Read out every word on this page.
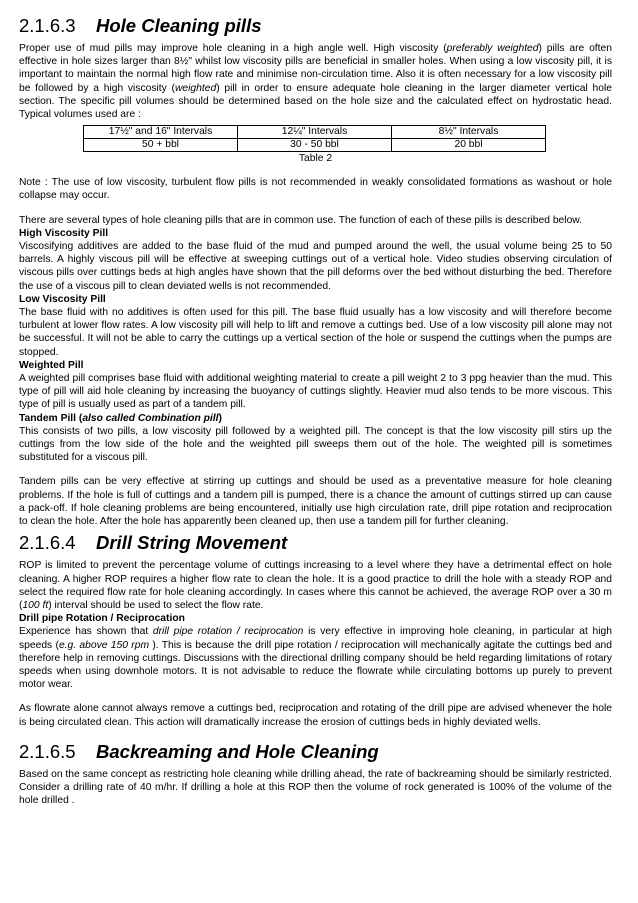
2.1.6.3	Hole Cleaning pills

Proper use of mud pills may improve hole cleaning in a high angle well. High viscosity (preferably weighted) pills are often effective in hole sizes larger than 8½" whilst low viscosity pills are beneficial in smaller holes. When using a low viscosity pill, it is important to maintain the normal high flow rate and minimise non-circulation time. Also it is often necessary for a low viscosity pill be followed by a high viscosity (weighted) pill in order to ensure adequate hole cleaning in the larger diameter vertical hole section. The specific pill volumes should be determined based on the hole size and the calculated effect on hydrostatic head. Typical volumes used are :

17½" and 16" Intervals	12¼" Intervals	8½" Intervals
50 + bbl	30 - 50 bbl	20 bbl
Table 2

Note : The use of low viscosity, turbulent flow pills is not recommended in weakly consolidated formations as washout or hole collapse may occur.

There are several types of hole cleaning pills that are in common use. The function of each of these pills is described below.

High Viscosity Pill

Viscosifying additives are added to the base fluid of the mud and pumped around the well, the usual volume being 25 to 50 barrels. A highly viscous pill will be effective at sweeping cuttings out of a vertical hole. Video studies observing circulation of viscous pills over cuttings beds at high angles have shown that the pill deforms over the bed without disturbing the bed. Therefore the use of a viscous pill to clean deviated wells is not recommended.

Low Viscosity Pill

The base fluid with no additives is often used for this pill. The base fluid usually has a low viscosity and will therefore become turbulent at lower flow rates. A low viscosity pill will help to lift and remove a cuttings bed. Use of a low viscosity pill alone may not be successful. It will not be able to carry the cuttings up a vertical section of the hole or suspend the cuttings when the pumps are stopped.

Weighted Pill

A weighted pill comprises base fluid with additional weighting material to create a pill weight 2 to 3 ppg heavier than the mud. This type of pill will aid hole cleaning by increasing the buoyancy of cuttings slightly. Heavier mud also tends to be more viscous. This type of pill is usually used as part of a tandem pill.

Tandem Pill (also called Combination pill)

This consists of two pills, a low viscosity pill followed by a weighted pill. The concept is that the low viscosity pill stirs up the cuttings from the low side of the hole and the weighted pill sweeps them out of the hole. The weighted pill is sometimes substituted for a viscous pill.

Tandem pills can be very effective at stirring up cuttings and should be used as a preventative measure for hole cleaning problems. If the hole is full of cuttings and a tandem pill is pumped, there is a chance the amount of cuttings stirred up can cause a pack-off. If hole cleaning problems are being encountered, initially use high circulation rate, drill pipe rotation and reciprocation to clean the hole. After the hole has apparently been cleaned up, then use a tandem pill for further cleaning.

2.1.6.4	Drill String Movement

ROP is limited to prevent the percentage volume of cuttings increasing to a level where they have a detrimental effect on hole cleaning. A higher ROP requires a higher flow rate to clean the hole. It is a good practice to drill the hole with a steady ROP and select the required flow rate for hole cleaning accordingly. In cases where this cannot be achieved, the average ROP over a 30 m (100 ft) interval should be used to select the flow rate.

Drill pipe Rotation / Reciprocation

Experience has shown that drill pipe rotation / reciprocation is very effective in improving hole cleaning, in particular at high speeds (e.g. above 150 rpm ). This is because the drill pipe rotation / reciprocation will mechanically agitate the cuttings bed and therefore help in removing cuttings. Discussions with the directional drilling company should be held regarding limitations of rotary speeds when using downhole motors. It is not advisable to reduce the flowrate while circulating bottoms up purely to prevent motor wear.

As flowrate alone cannot always remove a cuttings bed, reciprocation and rotating of the drill pipe are advised whenever the hole is being circulated clean. This action will dramatically increase the erosion of cuttings beds in highly deviated wells.

2.1.6.5	Backreaming and Hole Cleaning

Based on the same concept as restricting hole cleaning while drilling ahead, the rate of backreaming should be similarly restricted. Consider a drilling rate of 40 m/hr. If drilling a hole at this ROP then the volume of rock generated is 100% of the volume of the hole drilled .
